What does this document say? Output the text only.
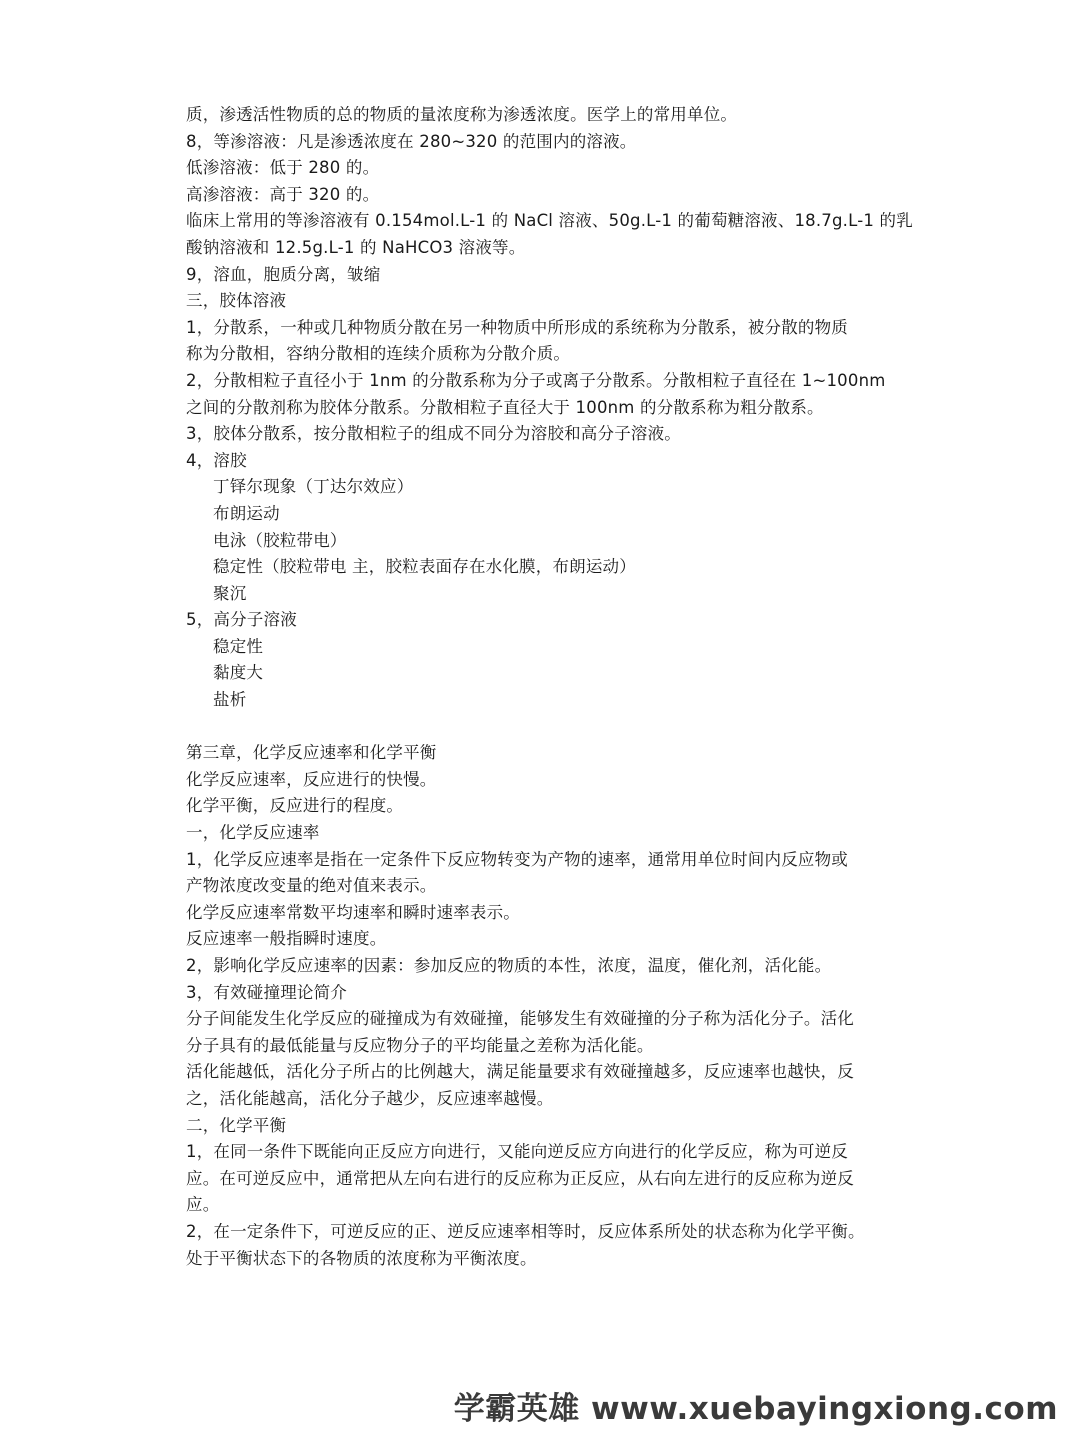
质，渗透活性物质的总的物质的量浓度称为渗透浓度。医学上的常用单位。
8，等渗溶液：凡是渗透浓度在 280~320 的范围内的溶液。
低渗溶液：低于 280 的。
高渗溶液：高于 320 的。
临床上常用的等渗溶液有 0.154mol.L-1 的 NaCl 溶液、50g.L-1 的葡萄糖溶液、18.7g.L-1 的乳
酸钠溶液和 12.5g.L-1 的 NaHCO3 溶液等。
9，溶血，胞质分离，皱缩
三，胶体溶液
1，分散系，一种或几种物质分散在另一种物质中所形成的系统称为分散系，被分散的物质
称为分散相，容纳分散相的连续介质称为分散介质。
2，分散相粒子直径小于 1nm 的分散系称为分子或离子分散系。分散相粒子直径在 1~100nm
之间的分散剂称为胶体分散系。分散相粒子直径大于 100nm 的分散系称为粗分散系。
3，胶体分散系，按分散相粒子的组成不同分为溶胶和高分子溶液。
4，溶胶
丁铎尔现象（丁达尔效应）
布朗运动
电泳（胶粒带电）
稳定性（胶粒带电 主，胶粒表面存在水化膜，布朗运动）
聚沉
5，高分子溶液
稳定性
黏度大
盐析
第三章，化学反应速率和化学平衡
化学反应速率，反应进行的快慢。
化学平衡，反应进行的程度。
一，化学反应速率
1，化学反应速率是指在一定条件下反应物转变为产物的速率，通常用单位时间内反应物或
产物浓度改变量的绝对值来表示。
化学反应速率常数平均速率和瞬时速率表示。
反应速率一般指瞬时速度。
2，影响化学反应速率的因素：参加反应的物质的本性，浓度，温度，催化剂，活化能。
3，有效碰撞理论简介
分子间能发生化学反应的碰撞成为有效碰撞，能够发生有效碰撞的分子称为活化分子。活化
分子具有的最低能量与反应物分子的平均能量之差称为活化能。
活化能越低，活化分子所占的比例越大，满足能量要求有效碰撞越多，反应速率也越快，反
之，活化能越高，活化分子越少，反应速率越慢。
二，化学平衡
1，在同一条件下既能向正反应方向进行，又能向逆反应方向进行的化学反应，称为可逆反
应。在可逆反应中，通常把从左向右进行的反应称为正反应，从右向左进行的反应称为逆反
应。
2，在一定条件下，可逆反应的正、逆反应速率相等时，反应体系所处的状态称为化学平衡。
处于平衡状态下的各物质的浓度称为平衡浓度。
学霸英雄 www.xuebayingxiong.com
